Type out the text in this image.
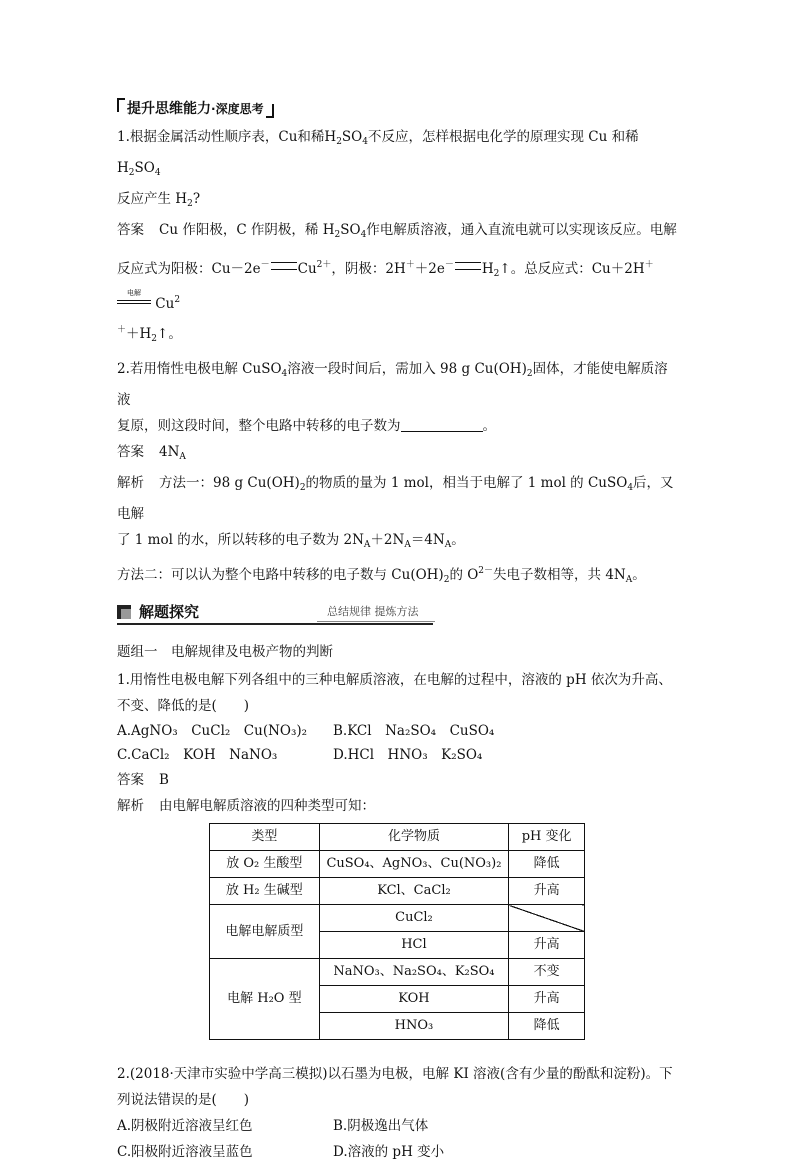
提升思维能力·深度思考

1.根据金属活动性顺序表，Cu和稀$H_2SO_4$不反应，怎样根据电化学的原理实现 Cu 和稀 $H_2SO_4$

反应产生 $H_2$?

答案 Cu 作阳极，C 作阴极，稀 $H_2SO_4$作电解质溶液，通入直流电就可以实现该反应。电解

反应式为阳极：Cu－2e－ $Cu^{2+}$，阴极：2H＋＋2e－ $H_2↑$。总反应式：Cu＋2H＋
电解
Cu$^2$

$^++H_2↑$。

2.若用惰性电极电解 CuSO$_4$溶液一段时间后，需加入 98 g $Cu(OH)_2$固体，才能使电解质溶液

复原，则这段时间，整个电路中转移的电子数为	。

答案 $4N_A$

解析 方法一：98 g $Cu(OH)_2$的物质的量为 1 mol，相当于电解了 1 mol 的 CuSO$_4$后，又电解

了 1 mol 的水，所以转移的电子数为 $2N_A+2N_A=4N_A$。

方法二：可以认为整个电路中转移的电子数与 $Cu(OH)_2$的 $O^{2-}$失电子数相等，共 $4N_A$。

解题探究	总结规律 提炼方法

题组一　电解规律及电极产物的判断

1.用惰性电极电解下列各组中的三种电解质溶液，在电解的过程中，溶液的 pH 依次为升高、

不变、降低的是(　　)

A.AgNO₃　CuCl₂　Cu(NO₃)₂ B.KCl　Na₂SO₄　CuSO₄

C.CaCl₂　KOH　NaNO₃	D.HCl　HNO₃　K₂SO₄

答案 B

解析 由电解电解质溶液的四种类型可知：

类型	化学物质	pH 变化
放 O₂ 生酸型	CuSO₄、AgNO₃、Cu(NO₃)₂	降低
放 H₂ 生碱型	KCl、CaCl₂	升高
电解电解质型	CuCl₂	
	HCl	升高
电解 H₂O 型	NaNO₃、Na₂SO₄、K₂SO₄	不变
	KOH	升高
	HNO₃	降低

2.(2018·天津市实验中学高三模拟)以石墨为电极，电解 KI 溶液(含有少量的酚酞和淀粉)。下

列说法错误的是(　　)

A.阴极附近溶液呈红色	B.阴极逸出气体

C.阳极附近溶液呈蓝色	D.溶液的 pH 变小
